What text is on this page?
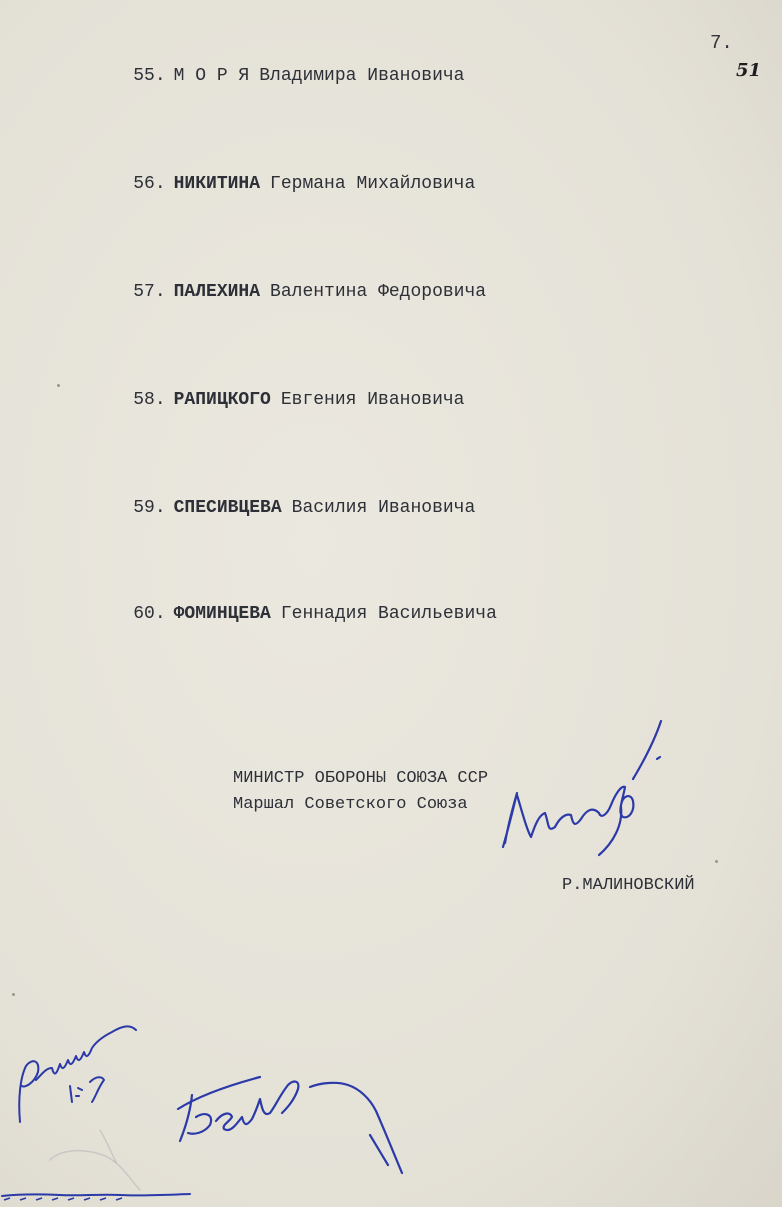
7.
51

55. М О Р Я Владимира Ивановича

56. НИКИТИНА Германа Михайловича

57. ПАЛЕХИНА Валентина Федоровича

58. РАПИЦКОГО Евгения Ивановича

59. СПЕСИВЦЕВА Василия Ивановича

60. ФОМИНЦЕВА Геннадия Васильевича

МИНИСТР ОБОРОНЫ СОЮЗА ССР
Маршал Советского Союза
Р.МАЛИНОВСКИЙ
